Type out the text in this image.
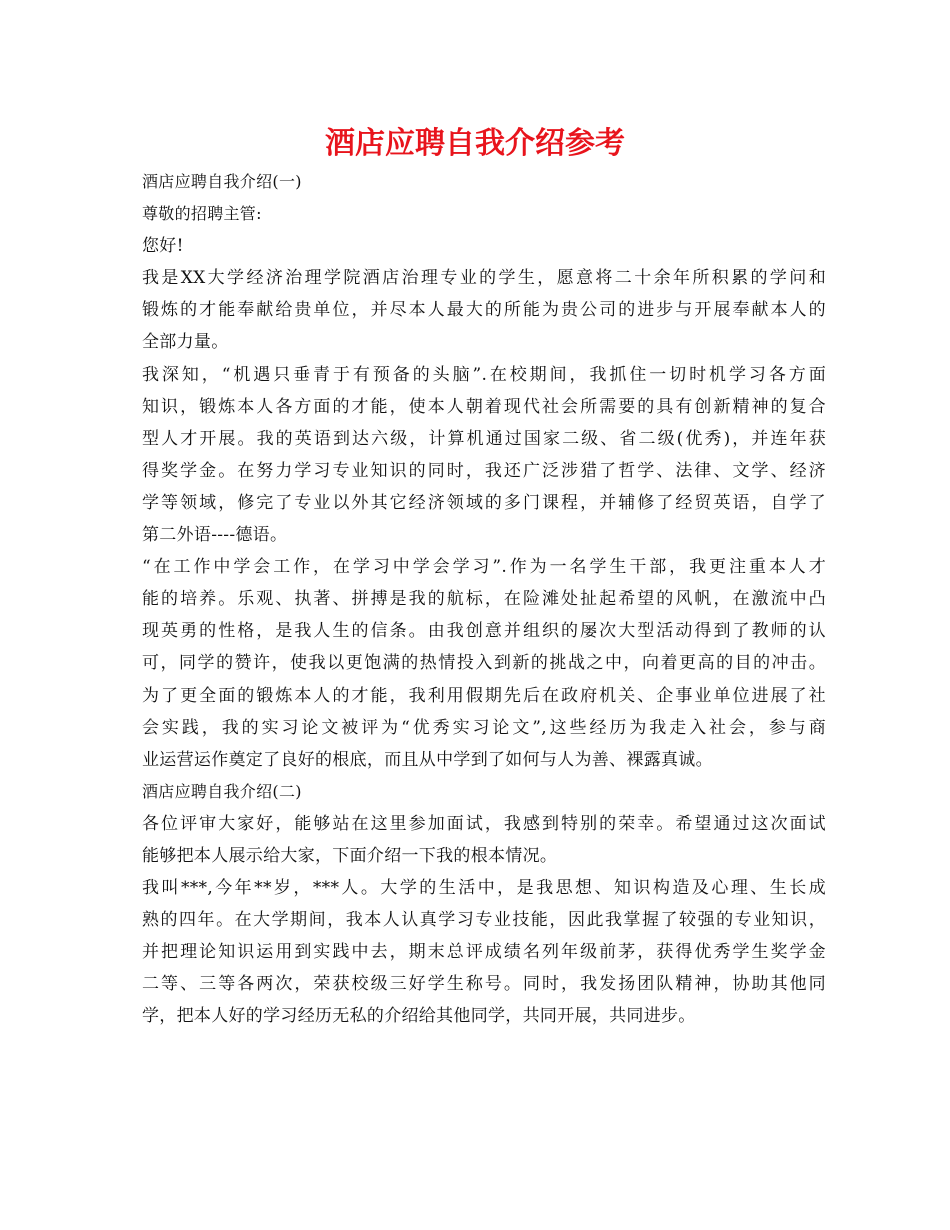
酒店应聘自我介绍参考

酒店应聘自我介绍(一)

尊敬的招聘主管:

您好!

我是XX大学经济治理学院酒店治理专业的学生，愿意将二十余年所积累的学问和

锻炼的才能奉献给贵单位，并尽本人最大的所能为贵公司的进步与开展奉献本人的

全部力量。

我深知，“机遇只垂青于有预备的头脑”.在校期间，我抓住一切时机学习各方面

知识，锻炼本人各方面的才能，使本人朝着现代社会所需要的具有创新精神的复合

型人才开展。我的英语到达六级，计算机通过国家二级、省二级(优秀)，并连年获

得奖学金。在努力学习专业知识的同时，我还广泛涉猎了哲学、法律、文学、经济

学等领域，修完了专业以外其它经济领域的多门课程，并辅修了经贸英语，自学了

第二外语----德语。

“在工作中学会工作，在学习中学会学习”.作为一名学生干部，我更注重本人才

能的培养。乐观、执著、拼搏是我的航标，在险滩处扯起希望的风帆，在激流中凸

现英勇的性格，是我人生的信条。由我创意并组织的屡次大型活动得到了教师的认

可，同学的赞许，使我以更饱满的热情投入到新的挑战之中，向着更高的目的冲击。

为了更全面的锻炼本人的才能，我利用假期先后在政府机关、企事业单位进展了社

会实践，我的实习论文被评为“优秀实习论文”,这些经历为我走入社会，参与商

业运营运作奠定了良好的根底，而且从中学到了如何与人为善、裸露真诚。

酒店应聘自我介绍(二)

各位评审大家好，能够站在这里参加面试，我感到特别的荣幸。希望通过这次面试

能够把本人展示给大家，下面介绍一下我的根本情况。

我叫***,今年**岁，***人。大学的生活中，是我思想、知识构造及心理、生长成

熟的四年。在大学期间，我本人认真学习专业技能，因此我掌握了较强的专业知识，

并把理论知识运用到实践中去，期末总评成绩名列年级前茅，获得优秀学生奖学金

二等、三等各两次，荣获校级三好学生称号。同时，我发扬团队精神，协助其他同

学，把本人好的学习经历无私的介绍给其他同学，共同开展，共同进步。
